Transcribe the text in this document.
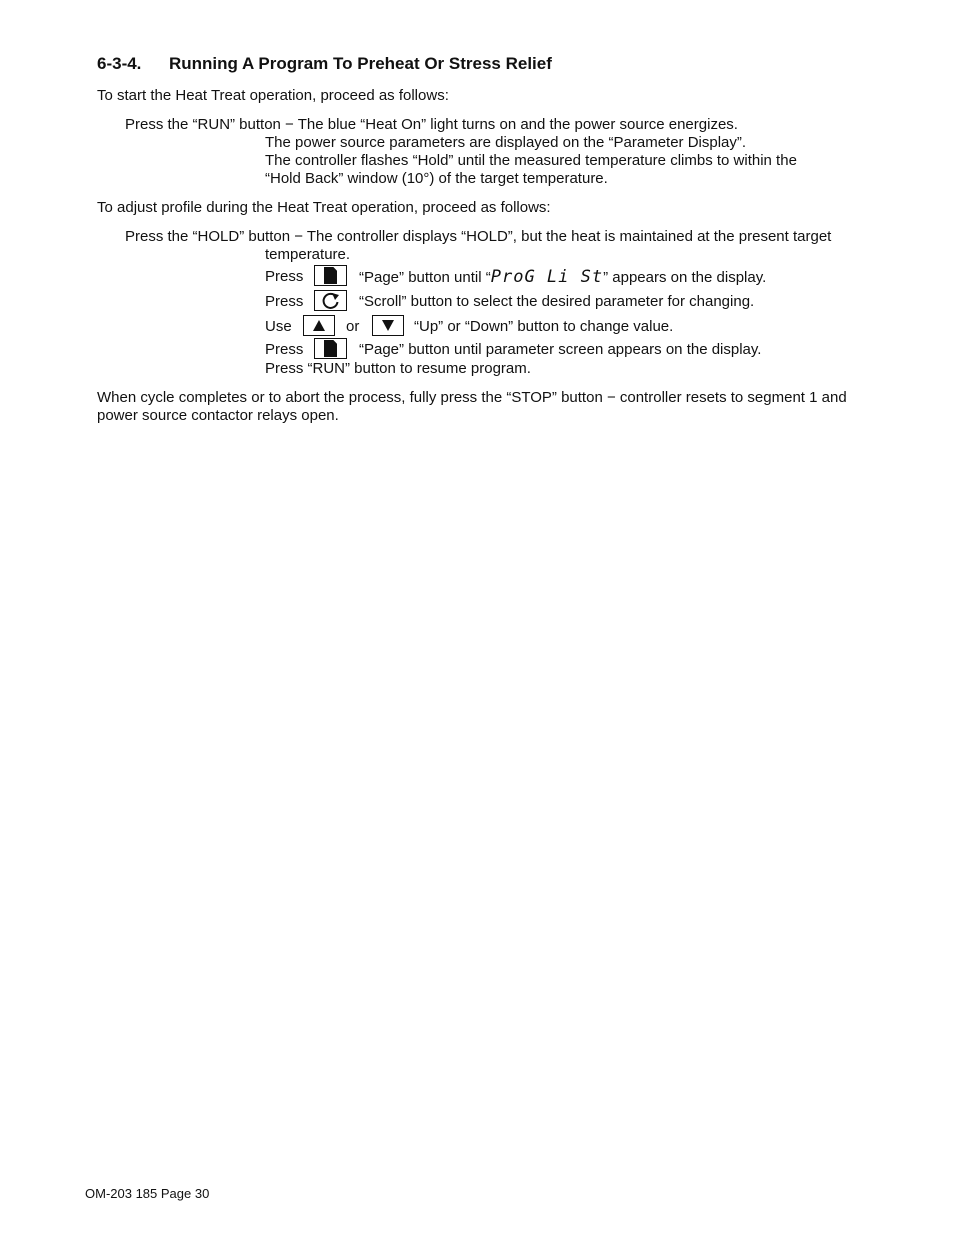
6-3-4. Running A Program To Preheat Or Stress Relief
To start the Heat Treat operation, proceed as follows:
Press the “RUN” button − The blue “Heat On” light turns on and the power source energizes.
The power source parameters are displayed on the “Parameter Display”.
The controller flashes “Hold” until the measured temperature climbs to within the
“Hold Back” window (10°) of the target temperature.
To adjust profile during the Heat Treat operation, proceed as follows:
Press the “HOLD” button − The controller displays “HOLD”, but the heat is maintained at the present target
temperature.
Press	“Page” button until “ProG Li St” appears on the display.
Press	“Scroll” button to select the desired parameter for changing.
Use	or	“Up” or “Down” button to change value.
Press	“Page” button until parameter screen appears on the display.
Press “RUN” button to resume program.
When cycle completes or to abort the process, fully press the “STOP” button − controller resets to segment 1 and
power source contactor relays open.
OM-203 185 Page 30
